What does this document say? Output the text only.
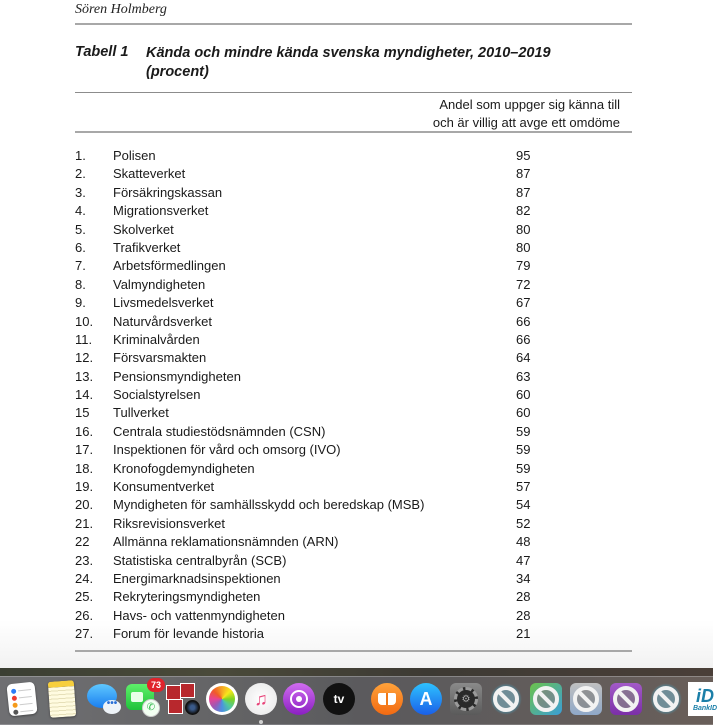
Sören Holmberg
Tabell 1	Kända och mindre kända svenska myndigheter, 2010–2019 (procent)
Andel som uppger sig känna till
och är villig att avge ett omdöme
1.	Polisen	95
2.	Skatteverket	87
3.	Försäkringskassan	87
4.	Migrationsverket	82
5.	Skolverket	80
6.	Trafikverket	80
7.	Arbetsförmedlingen	79
8.	Valmyndigheten	72
9.	Livsmedelsverket	67
10.	Naturvårdsverket	66
11.	Kriminalvården	66
12.	Försvarsmakten	64
13.	Pensionsmyndigheten	63
14.	Socialstyrelsen	60
15	Tullverket	60
16.	Centrala studiestödsnämnden (CSN)	59
17.	Inspektionen för vård och omsorg (IVO)	59
18.	Kronofogdemyndigheten	59
19.	Konsumentverket	57
20.	Myndigheten för samhällsskydd och beredskap (MSB)	54
21.	Riksrevisionsverket	52
22	Allmänna reklamationsnämnden (ARN)	48
23.	Statistiska centralbyrån (SCB)	47
24.	Energimarknadsinspektionen	34
25.	Rekryteringsmyndigheten	28
26.	Havs- och vattenmyndigheten	28
27.	Forum för levande historia	21
•••	✆
73
♫	tv	A	⚙	iD
BankID
